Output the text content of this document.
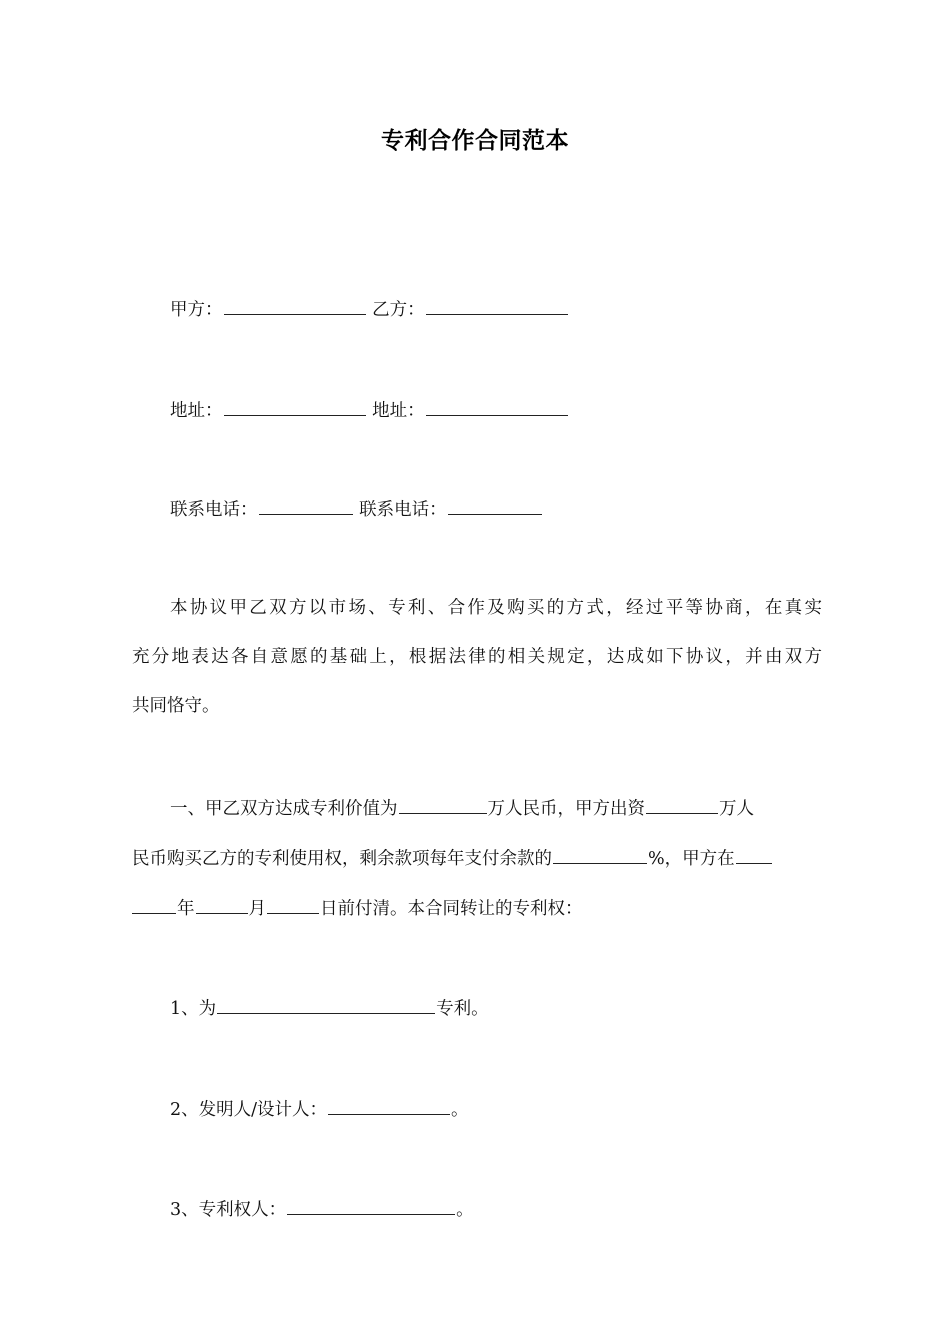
专利合作合同范本
甲方：	乙方：
地址：	地址：
联系电话：	联系电话：
本协议甲乙双方以市场、专利、合作及购买的方式，经过平等协商，在真实
充分地表达各自意愿的基础上，根据法律的相关规定，达成如下协议，并由双方
共同恪守。
一、甲乙双方达成专利价值为	万人民币，甲方出资	万人
民币购买乙方的专利使用权，剩余款项每年支付余款的	%，甲方在
年	月	日前付清。本合同转让的专利权：
1、为	专利。
2、发明人/设计人：	。
3、专利权人：	。
